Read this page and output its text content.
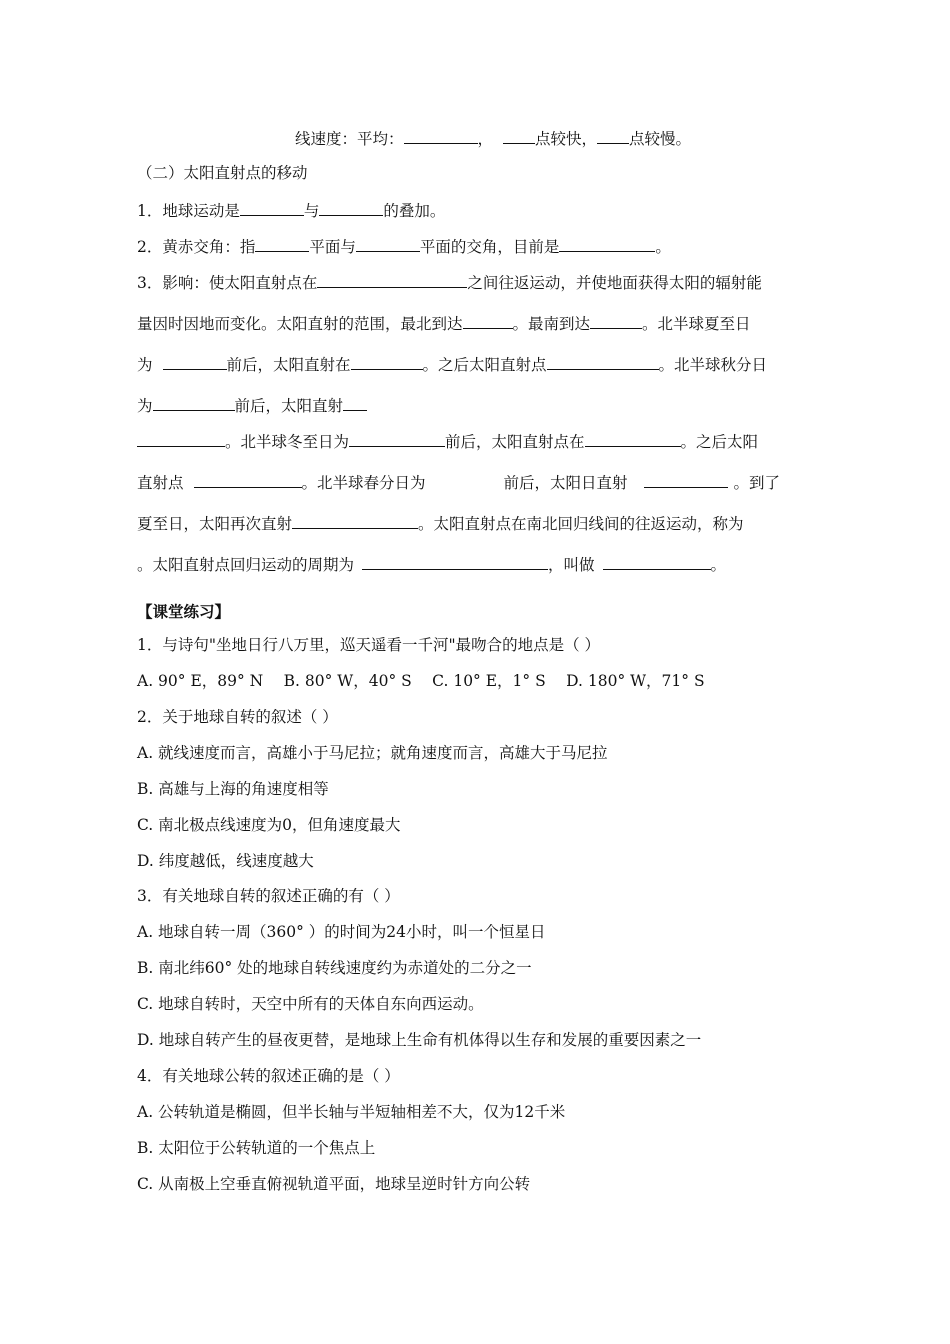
线速度：平均：	，	点较快， 点较慢。
（二）太阳直射点的移动
1．地球运动是	与	的叠加。
2．黄赤交角：指	平面与	平面的交角，目前是	。
3．影响：使太阳直射点在	之间往返运动，并使地面获得太阳的辐射能
量因时因地而变化。太阳直射的范围，最北到达	。最南到达	。北半球夏至日
为	前后，太阳直射在	。之后太阳直射点	。北半球秋分日
为	前后，太阳直射
。北半球冬至日为	前后，太阳直射点在	。之后太阳
直射点	。北半球春分日为	前后，太阳日直射	。到了
夏至日，太阳再次直射	。太阳直射点在南北回归线间的往返运动，称为
。太阳直射点回归运动的周期为	，叫做	。
【课堂练习】
1．与诗句"坐地日行八万里，巡天遥看一千河"最吻合的地点是（ ）
A. 90° E，89° N　 B. 80° W，40° S　 C. 10° E，1° S　 D. 180° W，71° S
2．关于地球自转的叙述（ ）
A. 就线速度而言，高雄小于马尼拉；就角速度而言，高雄大于马尼拉
B. 高雄与上海的角速度相等
C. 南北极点线速度为0，但角速度最大
D. 纬度越低，线速度越大
3．有关地球自转的叙述正确的有（ ）
A. 地球自转一周（360° ）的时间为24小时，叫一个恒星日
B. 南北纬60° 处的地球自转线速度约为赤道处的二分之一
C. 地球自转时，天空中所有的天体自东向西运动。
D. 地球自转产生的昼夜更替，是地球上生命有机体得以生存和发展的重要因素之一
4．有关地球公转的叙述正确的是（ ）
A. 公转轨道是椭圆，但半长轴与半短轴相差不大，仅为12千米
B. 太阳位于公转轨道的一个焦点上
C. 从南极上空垂直俯视轨道平面，地球呈逆时针方向公转
